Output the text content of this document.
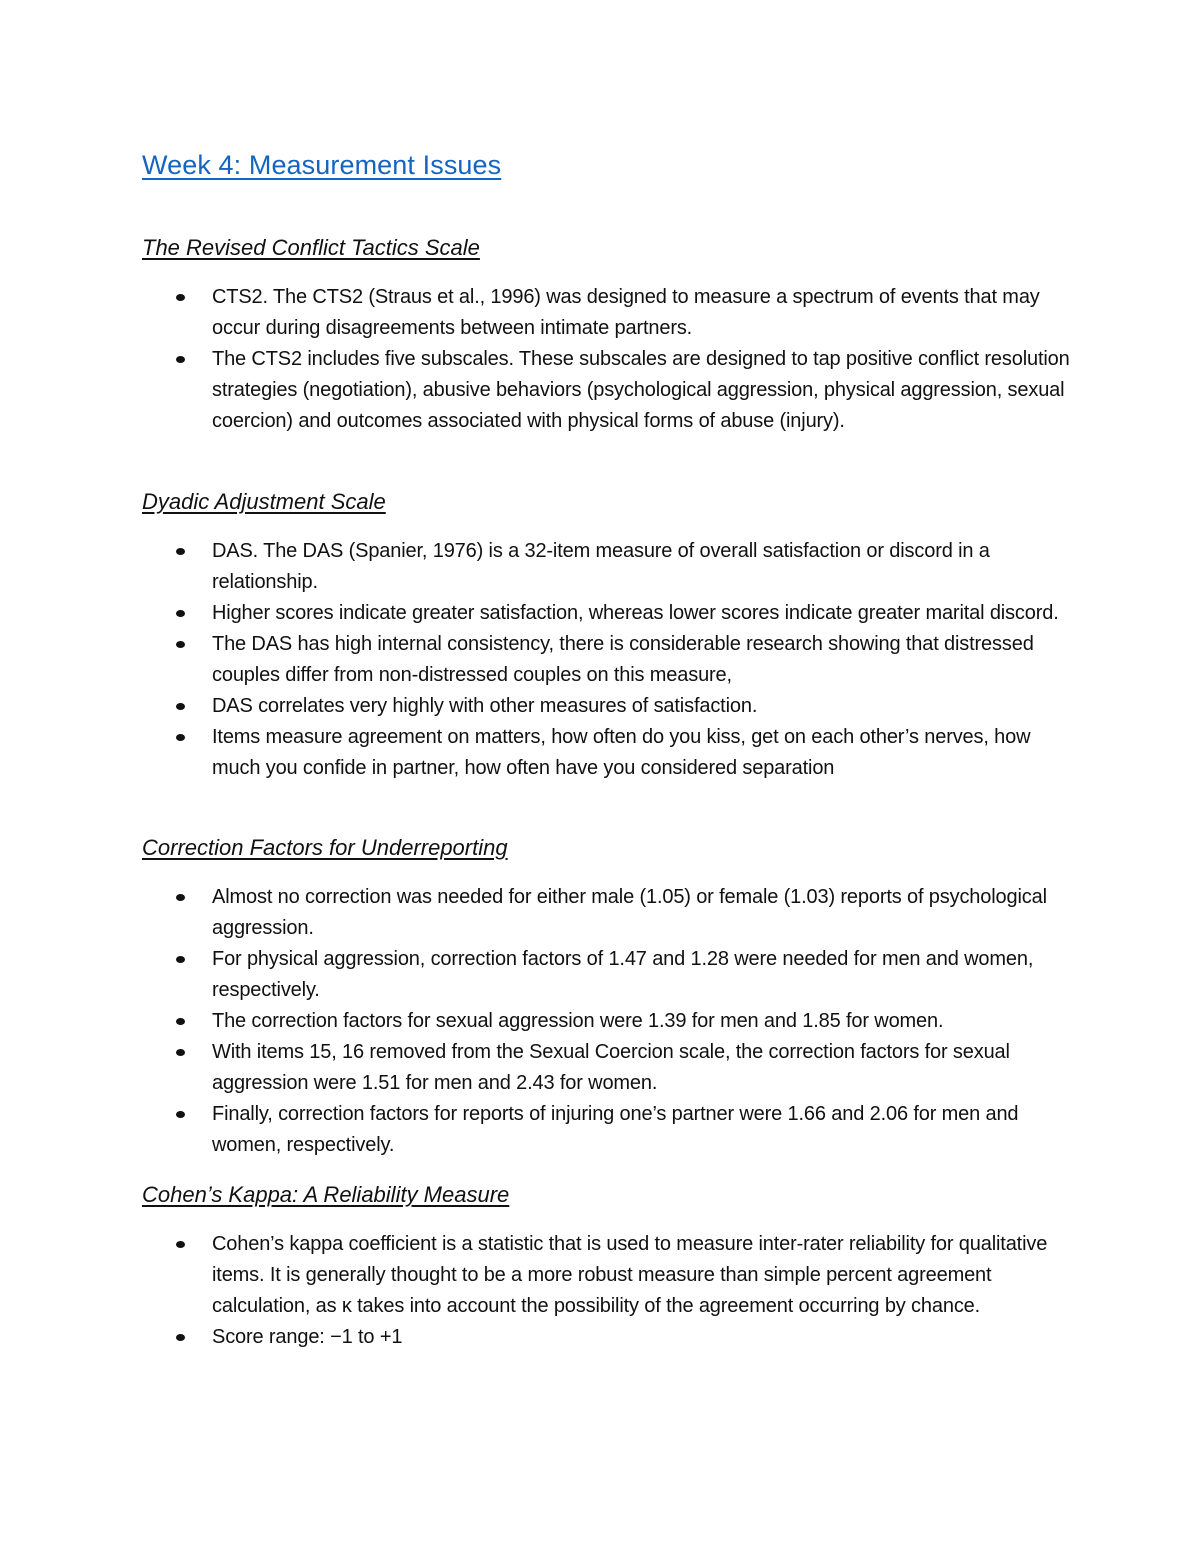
Week 4: Measurement Issues
The Revised Conflict Tactics Scale
CTS2. The CTS2 (Straus et al., 1996) was designed to measure a spectrum of events that may occur during disagreements between intimate partners.
The CTS2 includes five subscales. These subscales are designed to tap positive conflict resolution strategies (negotiation), abusive behaviors (psychological aggression, physical aggression, sexual coercion) and outcomes associated with physical forms of abuse (injury).
Dyadic Adjustment Scale
DAS. The DAS (Spanier, 1976) is a 32-item measure of overall satisfaction or discord in a relationship.
Higher scores indicate greater satisfaction, whereas lower scores indicate greater marital discord.
The DAS has high internal consistency, there is considerable research showing that distressed couples differ from non-distressed couples on this measure,
DAS correlates very highly with other measures of satisfaction.
Items measure agreement on matters, how often do you kiss, get on each other’s nerves, how much you confide in partner, how often have you considered separation
Correction Factors for Underreporting
Almost no correction was needed for either male (1.05) or female (1.03) reports of psychological aggression.
For physical aggression, correction factors of 1.47 and 1.28 were needed for men and women, respectively.
The correction factors for sexual aggression were 1.39 for men and 1.85 for women.
With items 15, 16 removed from the Sexual Coercion scale, the correction factors for sexual aggression were 1.51 for men and 2.43 for women.
Finally, correction factors for reports of injuring one’s partner were 1.66 and 2.06 for men and women, respectively.
Cohen’s Kappa: A Reliability Measure
Cohen’s kappa coefficient is a statistic that is used to measure inter-rater reliability for qualitative items. It is generally thought to be a more robust measure than simple percent agreement calculation, as κ takes into account the possibility of the agreement occurring by chance.
Score range: −1 to +1
